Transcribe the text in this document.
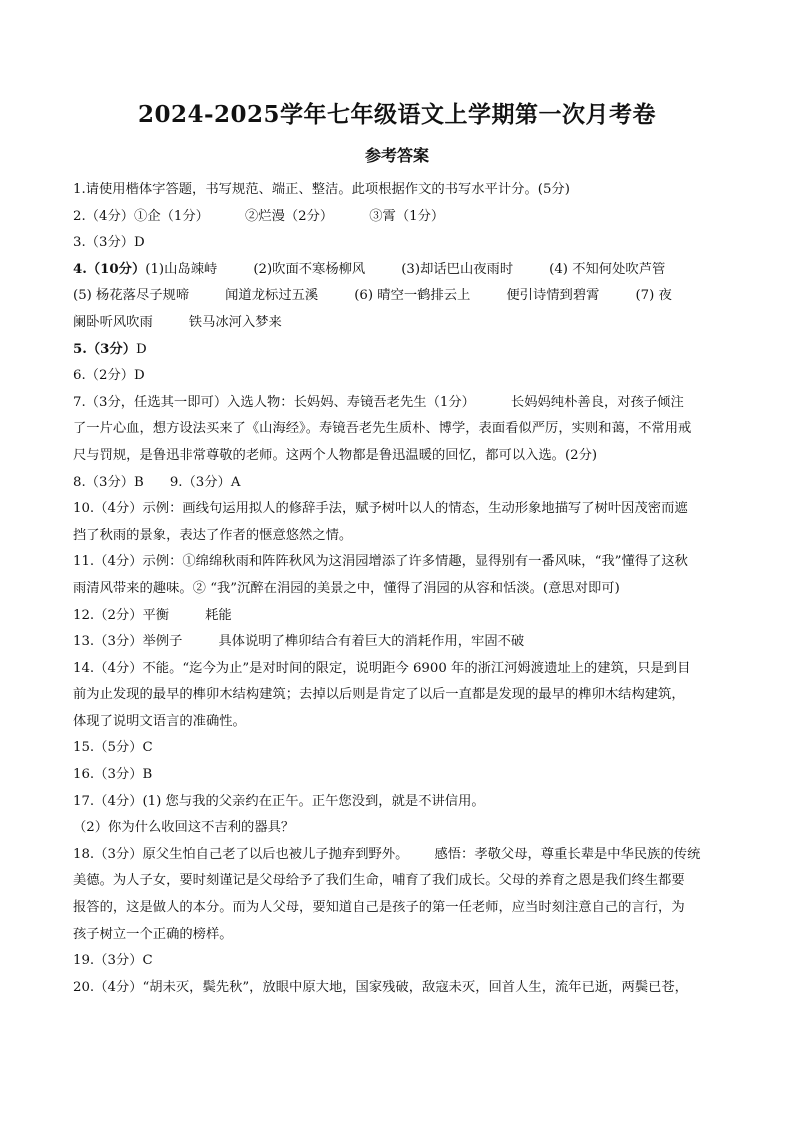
2024-2025学年七年级语文上学期第一次月考卷
参考答案
1.请使用楷体字答题，书写规范、端正、整洁。此项根据作文的书写水平计分。(5分)
2.（4分）①企（1分）	②烂漫（2分）	③霄（1分）
3.（3分）D
4.（10分）(1)山岛竦峙	(2)吹面不寒杨柳风	(3)却话巴山夜雨时	(4) 不知何处吹芦管
(5) 杨花落尽子规啼	闻道龙标过五溪	(6) 晴空一鹤排云上	便引诗情到碧霄	(7) 夜
阑卧听风吹雨	铁马冰河入梦来
5.（3分）D
6.（2分）D
7.（3分，任选其一即可）入选人物：长妈妈、寿镜吾老先生（1分）	长妈妈纯朴善良，对孩子倾注
了一片心血，想方设法买来了《山海经》。寿镜吾老先生质朴、博学，表面看似严厉，实则和蔼，不常用戒
尺与罚规，是鲁迅非常尊敬的老师。这两个人物都是鲁迅温暖的回忆，都可以入选。(2分)
8.（3分）B 9.（3分）A
10.（4分）示例：画线句运用拟人的修辞手法，赋予树叶以人的情态，生动形象地描写了树叶因茂密而遮
挡了秋雨的景象，表达了作者的惬意悠然之情。
11.（4分）示例：①绵绵秋雨和阵阵秋风为这涓园增添了许多情趣，显得别有一番风味，“我”懂得了这秋
雨清风带来的趣味。② “我”沉醉在涓园的美景之中，懂得了涓园的从容和恬淡。(意思对即可)
12.（2分）平衡	耗能
13.（3分）举例子	具体说明了榫卯结合有着巨大的消耗作用，牢固不破
14.（4分）不能。“迄今为止”是对时间的限定，说明距今 6900 年的浙江河姆渡遗址上的建筑，只是到目
前为止发现的最早的榫卯木结构建筑；去掉以后则是肯定了以后一直都是发现的最早的榫卯木结构建筑，
体现了说明文语言的准确性。
15.（5分）C
16.（3分）B
17.（4分）(1) 您与我的父亲约在正午。正午您没到，就是不讲信用。
（2）你为什么收回这不吉利的器具？
18.（3分）原父生怕自己老了以后也被儿子抛弃到野外。 感悟：孝敬父母，尊重长辈是中华民族的传统
美德。为人子女，要时刻谨记是父母给予了我们生命，哺育了我们成长。父母的养育之恩是我们终生都要
报答的，这是做人的本分。而为人父母，要知道自己是孩子的第一任老师，应当时刻注意自己的言行，为
孩子树立一个正确的榜样。
19.（3分）C
20.（4分）“胡未灭，鬓先秋”，放眼中原大地，国家残破，敌寇未灭，回首人生，流年已逝，两鬓已苍，
